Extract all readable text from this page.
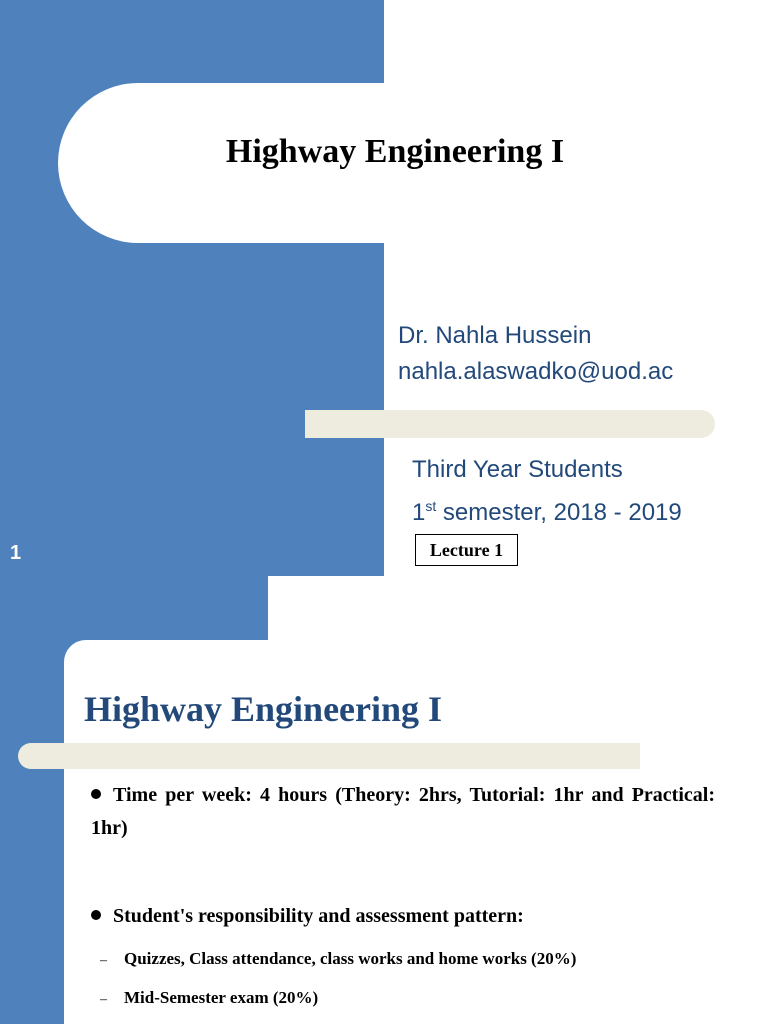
Highway Engineering I
Dr. Nahla Hussein
nahla.alaswadko@uod.ac
Third Year Students
1st semester, 2018 - 2019
Lecture 1
1
Highway Engineering I
Time per week: 4 hours (Theory: 2hrs, Tutorial: 1hr and Practical: 1hr)
Student's responsibility and assessment pattern:
– Quizzes, Class attendance, class works and home works (20%)
– Mid-Semester exam (20%)
